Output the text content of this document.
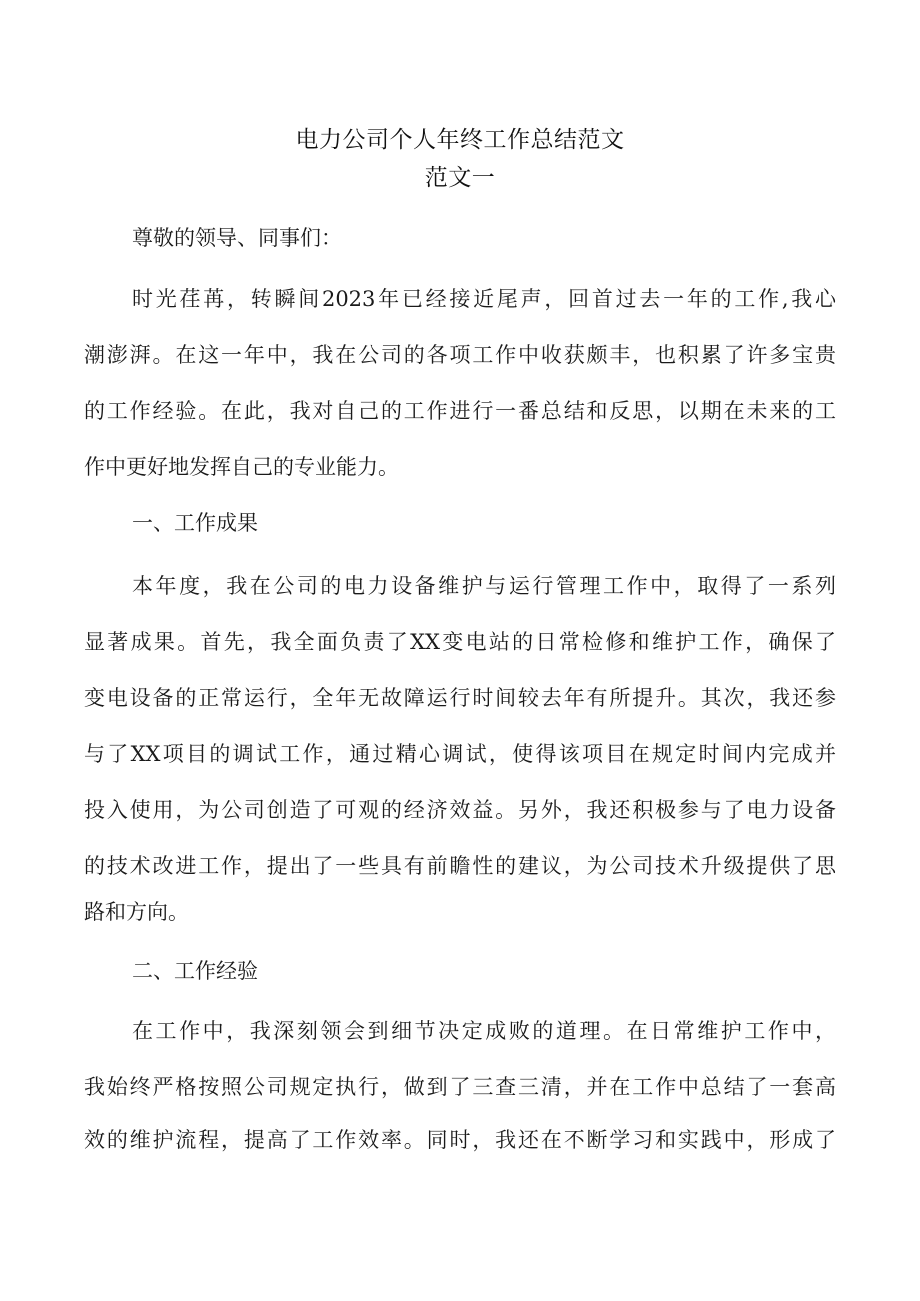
电力公司个人年终工作总结范文
范文一
尊敬的领导、同事们：
时光荏苒，转瞬间2023年已经接近尾声，回首过去一年的工作,我心
潮澎湃。在这一年中，我在公司的各项工作中收获颇丰，也积累了许多宝贵
的工作经验。在此，我对自己的工作进行一番总结和反思，以期在未来的工
作中更好地发挥自己的专业能力。
一、工作成果
本年度，我在公司的电力设备维护与运行管理工作中，取得了一系列
显著成果。首先，我全面负责了XX变电站的日常检修和维护工作，确保了
变电设备的正常运行，全年无故障运行时间较去年有所提升。其次，我还参
与了XX项目的调试工作，通过精心调试，使得该项目在规定时间内完成并
投入使用，为公司创造了可观的经济效益。另外，我还积极参与了电力设备
的技术改进工作，提出了一些具有前瞻性的建议，为公司技术升级提供了思
路和方向。
二、工作经验
在工作中，我深刻领会到细节决定成败的道理。在日常维护工作中，
我始终严格按照公司规定执行，做到了三查三清，并在工作中总结了一套高
效的维护流程，提高了工作效率。同时，我还在不断学习和实践中，形成了
